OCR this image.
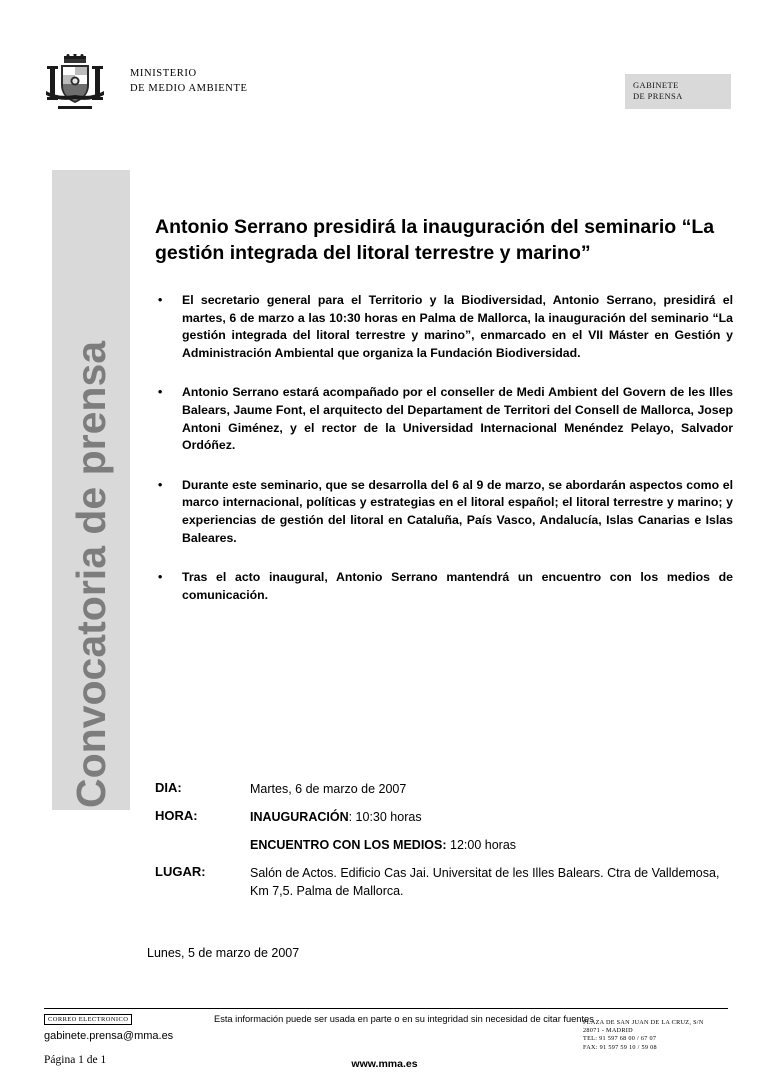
MINISTERIO
DE MEDIO AMBIENTE	GABINETE
DE PRENSA
Convocatoria de prensa
Antonio Serrano presidirá la inauguración del seminario “La gestión integrada del litoral terrestre y marino”
• El secretario general para el Territorio y la Biodiversidad, Antonio Serrano, presidirá el martes, 6 de marzo a las 10:30 horas en Palma de Mallorca, la inauguración del seminario “La gestión integrada del litoral terrestre y marino”, enmarcado en el VII Máster en Gestión y Administración Ambiental que organiza la Fundación Biodiversidad.
• Antonio Serrano estará acompañado por el conseller de Medi Ambient del Govern de les Illes Balears, Jaume Font, el arquitecto del Departament de Territori del Consell de Mallorca, Josep Antoni Giménez, y el rector de la Universidad Internacional Menéndez Pelayo, Salvador Ordóñez.
• Durante este seminario, que se desarrolla del 6 al 9 de marzo, se abordarán aspectos como el marco internacional, políticas y estrategias en el litoral español; el litoral terrestre y marino; y experiencias de gestión del litoral en Cataluña, País Vasco, Andalucía, Islas Canarias e Islas Baleares.
• Tras el acto inaugural, Antonio Serrano mantendrá un encuentro con los medios de comunicación.
DIA:	Martes, 6 de marzo de 2007
HORA:	INAUGURACIÓN: 10:30 horas
ENCUENTRO CON LOS MEDIOS: 12:00 horas
LUGAR:	Salón de Actos. Edificio Cas Jai. Universitat de les Illes Balears. Ctra de Valldemosa, Km 7,5. Palma de Mallorca.
Lunes, 5 de marzo de 2007
CORREO ELECTRONICO
gabinete.prensa@mma.es
Esta información puede ser usada en parte o en su integridad sin necesidad de citar fuentes
PLAZA DE SAN JUAN DE LA CRUZ, S/N
28071 - MADRID
TEL: 91 597 68 00 / 67 07
FAX: 91 597 59 10 / 59 08
Página 1 de 1	www.mma.es
